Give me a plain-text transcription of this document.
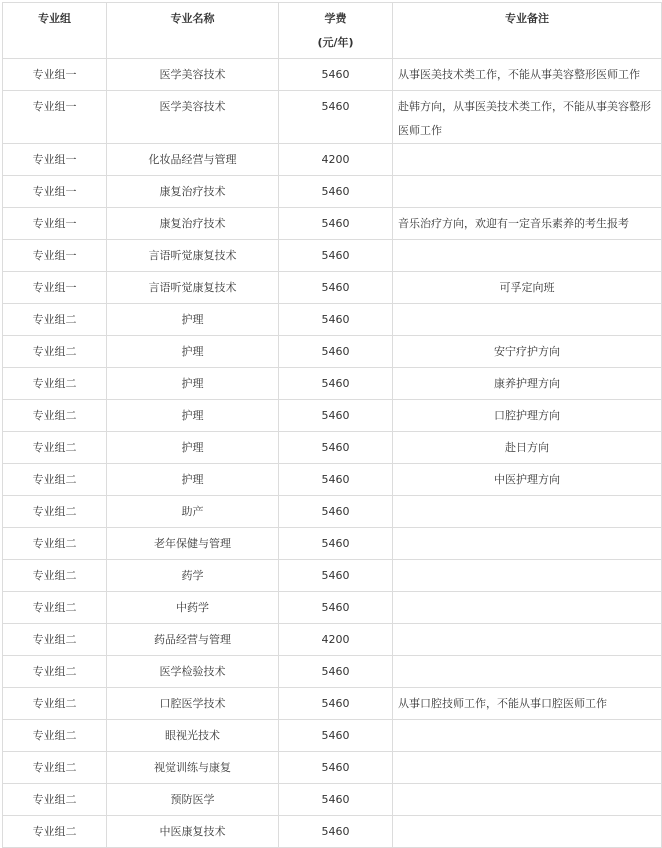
专业组	专业名称	学费
(元/年)	专业备注
专业组一	医学美容技术	5460	从事医美技术类工作，不能从事美容整形医师工作
专业组一	医学美容技术	5460	赴韩方向，从事医美技术类工作，不能从事美容整形医师工作
专业组一	化妆品经营与管理	4200	
专业组一	康复治疗技术	5460	
专业组一	康复治疗技术	5460	音乐治疗方向，欢迎有一定音乐素养的考生报考
专业组一	言语听觉康复技术	5460	
专业组一	言语听觉康复技术	5460	可孚定向班
专业组二	护理	5460	
专业组二	护理	5460	安宁疗护方向
专业组二	护理	5460	康养护理方向
专业组二	护理	5460	口腔护理方向
专业组二	护理	5460	赴日方向
专业组二	护理	5460	中医护理方向
专业组二	助产	5460	
专业组二	老年保健与管理	5460	
专业组二	药学	5460	
专业组二	中药学	5460	
专业组二	药品经营与管理	4200	
专业组二	医学检验技术	5460	
专业组二	口腔医学技术	5460	从事口腔技师工作，不能从事口腔医师工作
专业组二	眼视光技术	5460	
专业组二	视觉训练与康复	5460	
专业组二	预防医学	5460	
专业组二	中医康复技术	5460	
